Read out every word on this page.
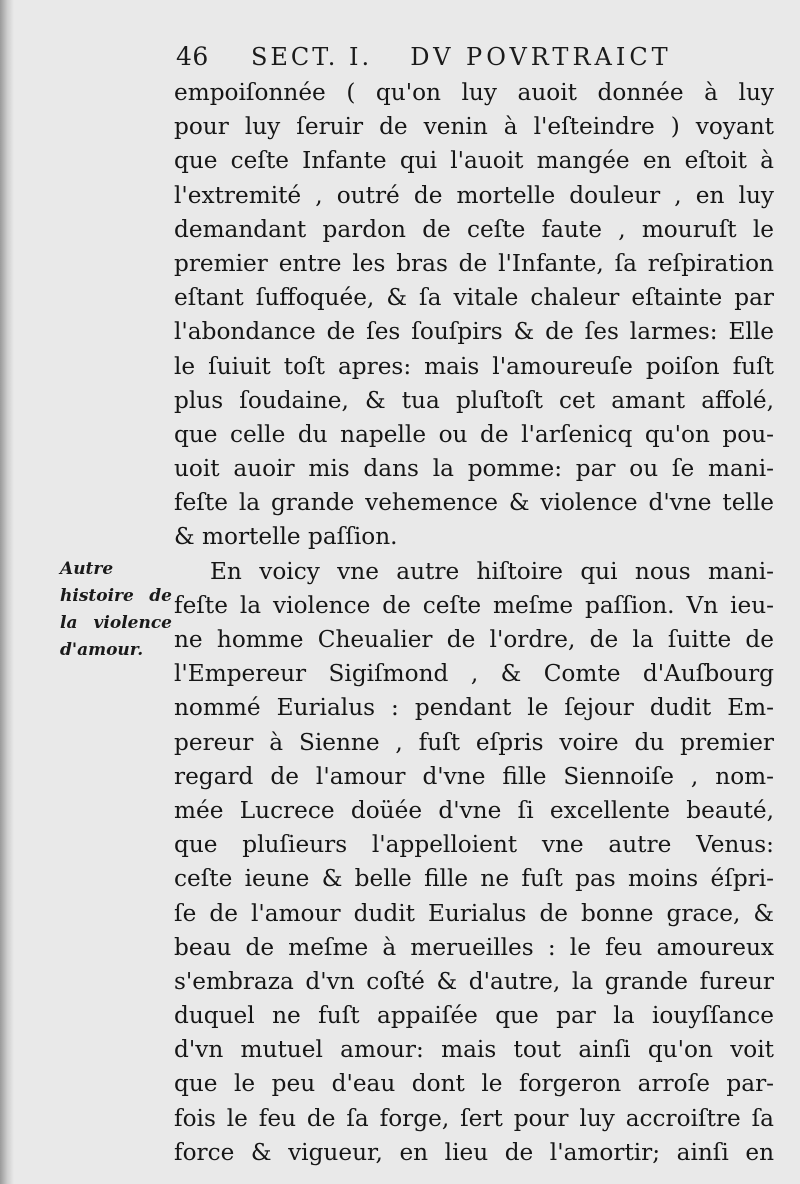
46 SECT. I. DV POVRTRAICT
Autre
histoire de
la violence
d'amour.
empoiſonnée ( qu'on luy auoit donnée à luy
pour luy ſeruir de venin à l'eſteindre ) voyant
que ceſte Infante qui l'auoit mangée en eſtoit à
l'extremité , outré de mortelle douleur , en luy
demandant pardon de ceſte faute , mouruſt le
premier entre les bras de l'Infante, ſa reſpiration
eſtant ſuffoquée, & ſa vitale chaleur eſtainte par
l'abondance de ſes ſouſpirs & de ſes larmes: Elle
le ſuiuit toſt apres: mais l'amoureuſe poiſon fuſt
plus ſoudaine, & tua pluſtoſt cet amant affolé,
que celle du napelle ou de l'arſenicq qu'on pou-
uoit auoir mis dans la pomme: par ou ſe mani-
feſte la grande vehemence & violence d'vne telle
& mortelle paſſion.
En voicy vne autre hiſtoire qui nous mani-
feſte la violence de ceſte meſme paſſion. Vn ieu-
ne homme Cheualier de l'ordre, de la ſuitte de
l'Empereur Sigiſmond , & Comte d'Auſbourg
nommé Eurialus : pendant le ſejour dudit Em-
pereur à Sienne , fuſt eſpris voire du premier
regard de l'amour d'vne fille Siennoiſe , nom-
mée Lucrece doüée d'vne ſi excellente beauté,
que pluſieurs l'appelloient vne autre Venus:
ceſte ieune & belle fille ne fuſt pas moins éſpri-
ſe de l'amour dudit Eurialus de bonne grace, &
beau de meſme à merueilles : le feu amoureux
s'embraza d'vn coſté & d'autre, la grande fureur
duquel ne fuſt appaiſée que par la iouyſſance
d'vn mutuel amour: mais tout ainſi qu'on voit
que le peu d'eau dont le forgeron arroſe par-
fois le feu de ſa forge, ſert pour luy accroiſtre ſa
force & vigueur, en lieu de l'amortir; ainſi en
